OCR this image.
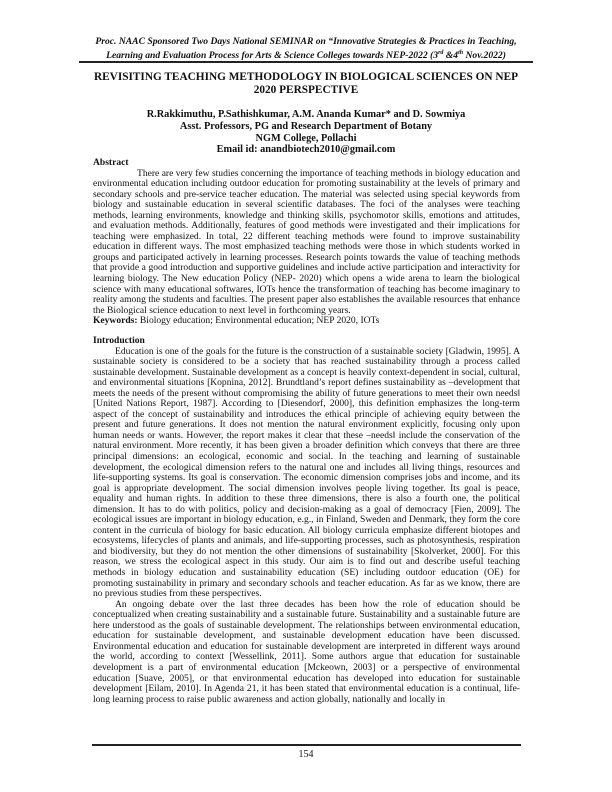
Proc. NAAC Sponsored Two Days National SEMINAR on “Innovative Strategies & Practices in Teaching,
Learning and Evaluation Process for Arts & Science Colleges towards NEP-2022 (3rd &4th Nov.2022)
REVISITING TEACHING METHODOLOGY IN BIOLOGICAL SCIENCES ON NEP
2020 PERSPECTIVE
R.Rakkimuthu, P.Sathishkumar, A.M. Ananda Kumar* and D. Sowmiya
Asst. Professors, PG and Research Department of Botany
NGM College, Pollachi
Email id: anandbiotech2010@gmail.com

Abstract

There are very few studies concerning the importance of teaching methods in biology education and environmental education including outdoor education for promoting sustainability at the levels of primary and secondary schools and pre-service teacher education. The material was selected using special keywords from biology and sustainable education in several scientific databases. The foci of the analyses were teaching methods, learning environments, knowledge and thinking skills, psychomotor skills, emotions and attitudes, and evaluation methods. Additionally, features of good methods were investigated and their implications for teaching were emphasized. In total, 22 different teaching methods were found to improve sustainability education in different ways. The most emphasized teaching methods were those in which students worked in groups and participated actively in learning processes. Research points towards the value of teaching methods that provide a good introduction and supportive guidelines and include active participation and interactivity for learning biology. The New education Policy (NEP- 2020) which opens a wide arena to learn the biological science with many educational softwares, IOTs hence the transformation of teaching has become imaginary to reality among the students and faculties. The present paper also establishes the available resources that enhance the Biological science education to next level in forthcoming years.

Keywords: Biology education; Environmental education; NEP 2020, IOTs

Introduction

Education is one of the goals for the future is the construction of a sustainable society [Gladwin, 1995]. A sustainable society is considered to be a society that has reached sustainability through a process called sustainable development. Sustainable development as a concept is heavily context-dependent in social, cultural, and environmental situations [Kopnina, 2012]. Brundtland’s report defines sustainability as –development that meets the needs of the present without compromising the ability of future generations to meet their own needs‖ [United Nations Report, 1987]. According to [Diesendorf, 2000], this definition emphasizes the long-term aspect of the concept of sustainability and introduces the ethical principle of achieving equity between the present and future generations. It does not mention the natural environment explicitly, focusing only upon human needs or wants. However, the report makes it clear that these –needs‖ include the conservation of the natural environment. More recently, it has been given a broader definition which conveys that there are three principal dimensions: an ecological, economic and social. In the teaching and learning of sustainable development, the ecological dimension refers to the natural one and includes all living things, resources and life-supporting systems. Its goal is conservation. The economic dimension comprises jobs and income, and its goal is appropriate development. The social dimension involves people living together. Its goal is peace, equality and human rights. In addition to these three dimensions, there is also a fourth one, the political dimension. It has to do with politics, policy and decision-making as a goal of democracy [Fien, 2009]. The ecological issues are important in biology education, e.g., in Finland, Sweden and Denmark, they form the core content in the curricula of biology for basic education. All biology curricula emphasize different biotopes and ecosystems, lifecycles of plants and animals, and life-supporting processes, such as photosynthesis, respiration and biodiversity, but they do not mention the other dimensions of sustainability [Skolverket, 2000]. For this reason, we stress the ecological aspect in this study. Our aim is to find out and describe useful teaching methods in biology education and sustainability education (SE) including outdoor education (OE) for promoting sustainability in primary and secondary schools and teacher education. As far as we know, there are no previous studies from these perspectives.

An ongoing debate over the last three decades has been how the role of education should be conceptualized when creating sustainability and a sustainable future. Sustainability and a sustainable future are here understood as the goals of sustainable development. The relationships between environmental education, education for sustainable development, and sustainable development education have been discussed. Environmental education and education for sustainable development are interpreted in different ways around the world, according to context [Wessellink, 2011]. Some authors argue that education for sustainable development is a part of environmental education [Mckeown, 2003] or a perspective of environmental education [Suave, 2005], or that environmental education has developed into education for sustainable development [Eilam, 2010]. In Agenda 21, it has been stated that environmental education is a continual, life-long learning process to raise public awareness and action globally, nationally and locally in

154
